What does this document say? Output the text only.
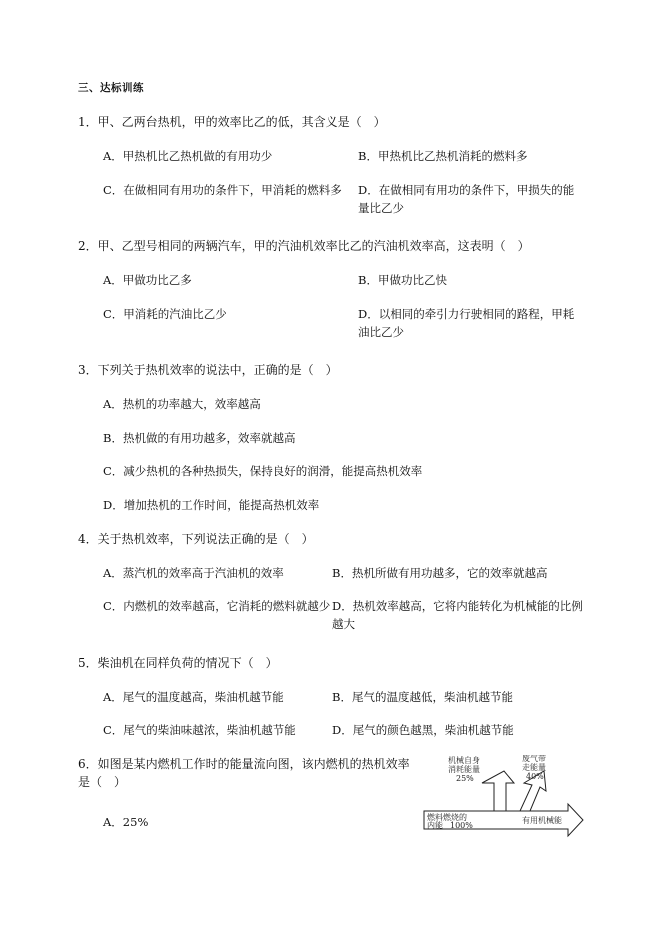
三、达标训练
1．甲、乙两台热机，甲的效率比乙的低，其含义是（　）
A．甲热机比乙热机做的有用功少	B．甲热机比乙热机消耗的燃料多
C．在做相同有用功的条件下，甲消耗的燃料多 D．在做相同有用功的条件下，甲损失的能量比乙少
2．甲、乙型号相同的两辆汽车，甲的汽油机效率比乙的汽油机效率高，这表明（　）
A．甲做功比乙多	B．甲做功比乙快
C．甲消耗的汽油比乙少	D．以相同的牵引力行驶相同的路程，甲耗油比乙少
3．下列关于热机效率的说法中，正确的是（　）
A．热机的功率越大，效率越高
B．热机做的有用功越多，效率就越高
C．减少热机的各种热损失，保持良好的润滑，能提高热机效率
D．增加热机的工作时间，能提高热机效率
4．关于热机效率，下列说法正确的是（　）
A．蒸汽机的效率高于汽油机的效率	B．热机所做有用功越多，它的效率就越高
C．内燃机的效率越高，它消耗的燃料就越少 D．热机效率越高，它将内能转化为机械能的比例越大
5．柴油机在同样负荷的情况下（　）
A．尾气的温度越高，柴油机越节能	B．尾气的温度越低，柴油机越节能
C．尾气的柴油味越浓，柴油机越节能	D．尾气的颜色越黑，柴油机越节能
6．如图是某内燃机工作时的能量流向图，该内燃机的热机效率是（　）
A．25%
机械自身
消耗能量
25%
废气带
走能量
40%
燃料燃烧的
内能 100%
有用机械能
